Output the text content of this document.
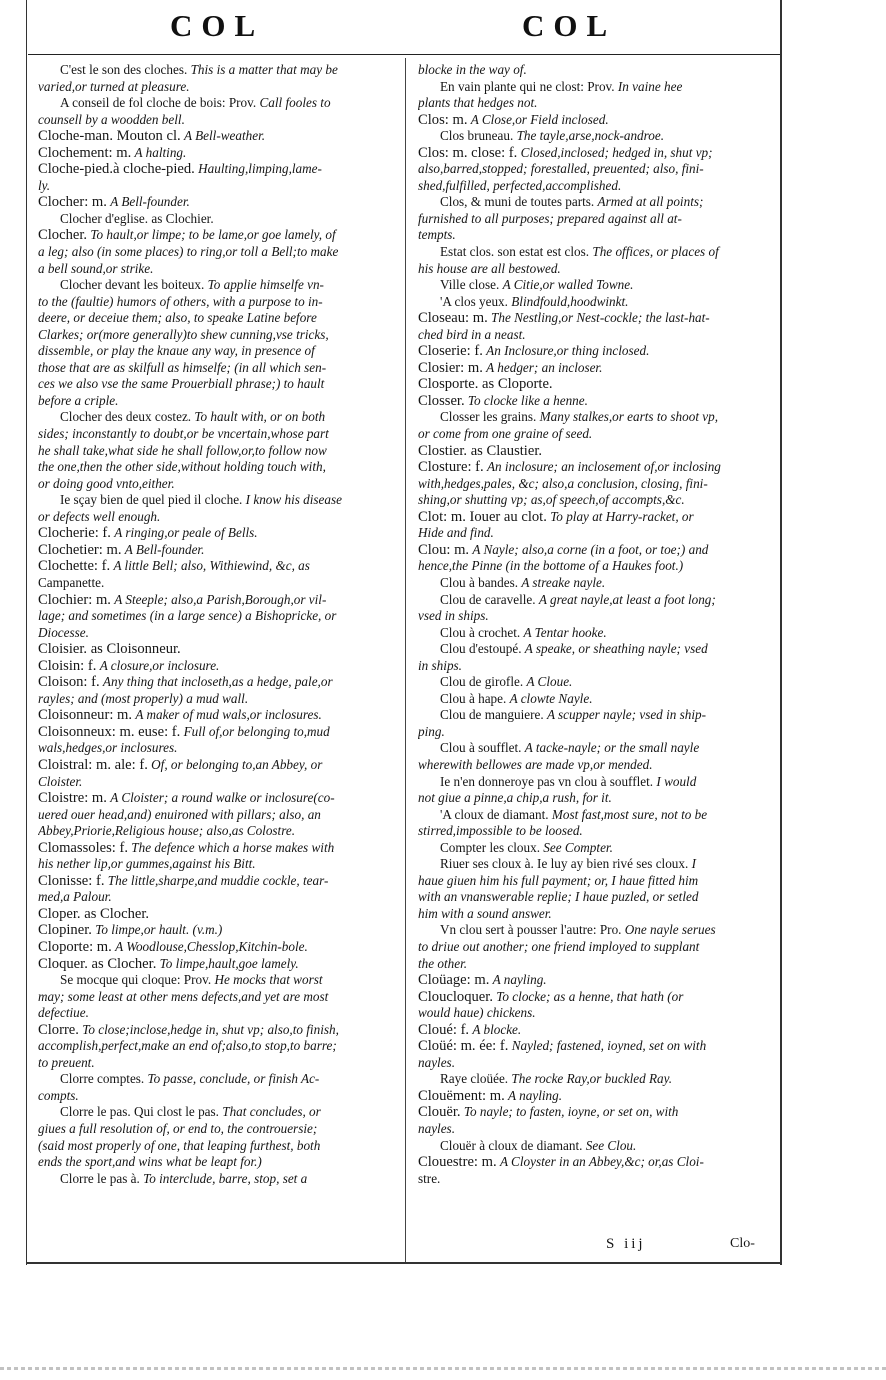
COL	COL
C'est le son des cloches. This is a matter that may be
varied,or turned at pleasure.
A conseil de fol cloche de bois: Prov. Call fooles to
counsell by a woodden bell.
Cloche-man. Mouton cl. A Bell-weather.
Clochement: m. A halting.
Cloche-pied.à cloche-pied. Haulting,limping,lame-
ly.
Clocher: m. A Bell-founder.
Clocher d'eglise. as Clochier.
Clocher. To hault,or limpe; to be lame,or goe lamely, of
a leg; also (in some places) to ring,or toll a Bell;to make
a bell sound,or strike.
Clocher devant les boiteux. To applie himselfe vn-
to the (faultie) humors of others, with a purpose to in-
deere, or deceiue them; also, to speake Latine before
Clarkes; or(more generally)to shew cunning,vse tricks,
dissemble, or play the knaue any way, in presence of
those that are as skilfull as himselfe; (in all which sen-
ces we also vse the same Prouerbiall phrase;) to hault
before a criple.
Clocher des deux costez. To hault with, or on both
sides; inconstantly to doubt,or be vncertain,whose part
he shall take,what side he shall follow,or,to follow now
the one,then the other side,without holding touch with,
or doing good vnto,either.
Ie sçay bien de quel pied il cloche. I know his disease
or defects well enough.
Clocherie: f. A ringing,or peale of Bells.
Clochetier: m. A Bell-founder.
Clochette: f. A little Bell; also, Withiewind, &c, as
Campanette.
Clochier: m. A Steeple; also,a Parish,Borough,or vil-
lage; and sometimes (in a large sence) a Bishopricke, or
Diocesse.
Cloisier. as Cloisonneur.
Cloisin: f. A closure,or inclosure.
Cloison: f. Any thing that incloseth,as a hedge, pale,or
rayles; and (most properly) a mud wall.
Cloisonneur: m. A maker of mud wals,or inclosures.
Cloisonneux: m. euse: f. Full of,or belonging to,mud
wals,hedges,or inclosures.
Cloistral: m. ale: f. Of, or belonging to,an Abbey, or
Cloister.
Cloistre: m. A Cloister; a round walke or inclosure(co-
uered ouer head,and) enuironed with pillars; also, an
Abbey,Priorie,Religious house; also,as Colostre.
Clomassoles: f. The defence which a horse makes with
his nether lip,or gummes,against his Bitt.
Clonisse: f. The little,sharpe,and muddie cockle, tear-
med,a Palour.
Cloper. as Clocher.
Clopiner. To limpe,or hault. (v.m.)
Cloporte: m. A Woodlouse,Chesslop,Kitchin-bole.
Cloquer. as Clocher. To limpe,hault,goe lamely.
Se mocque qui cloque: Prov. He mocks that worst
may; some least at other mens defects,and yet are most
defectiue.
Clorre. To close;inclose,hedge in, shut vp; also,to finish,
accomplish,perfect,make an end of;also,to stop,to barre;
to preuent.
Clorre comptes. To passe, conclude, or finish Ac-
compts.
Clorre le pas. Qui clost le pas. That concludes, or
giues a full resolution of, or end to, the controuersie;
(said most properly of one, that leaping furthest, both
ends the sport,and wins what be leapt for.)
Clorre le pas à. To interclude, barre, stop, set a
blocke in the way of.
En vain plante qui ne clost: Prov. In vaine hee
plants that hedges not.
Clos: m. A Close,or Field inclosed.
Clos bruneau. The tayle,arse,nock-androe.
Clos: m. close: f. Closed,inclosed; hedged in, shut vp;
also,barred,stopped; forestalled, preuented; also, fini-
shed,fulfilled, perfected,accomplished.
Clos, & muni de toutes parts. Armed at all points;
furnished to all purposes; prepared against all at-
tempts.
Estat clos. son estat est clos. The offices, or places of
his house are all bestowed.
Ville close. A Citie,or walled Towne.
'A clos yeux. Blindfould,hoodwinkt.
Closeau: m. The Nestling,or Nest-cockle; the last-hat-
ched bird in a neast.
Closerie: f. An Inclosure,or thing inclosed.
Closier: m. A hedger; an incloser.
Closporte. as Cloporte.
Closser. To clocke like a henne.
Closser les grains. Many stalkes,or earts to shoot vp,
or come from one graine of seed.
Clostier. as Claustier.
Closture: f. An inclosure; an inclosement of,or inclosing
with,hedges,pales, &c; also,a conclusion, closing, fini-
shing,or shutting vp; as,of speech,of accompts,&c.
Clot: m. Iouer au clot. To play at Harry-racket, or
Hide and find.
Clou: m. A Nayle; also,a corne (in a foot, or toe;) and
hence,the Pinne (in the bottome of a Haukes foot.)
Clou à bandes. A streake nayle.
Clou de caravelle. A great nayle,at least a foot long;
vsed in ships.
Clou à crochet. A Tentar hooke.
Clou d'estoupé. A speake, or sheathing nayle; vsed
in ships.
Clou de girofle. A Cloue.
Clou à hape. A clowte Nayle.
Clou de manguiere. A scupper nayle; vsed in ship-
ping.
Clou à soufflet. A tacke-nayle; or the small nayle
wherewith bellowes are made vp,or mended.
Ie n'en donneroye pas vn clou à soufflet. I would
not giue a pinne,a chip,a rush, for it.
'A cloux de diamant. Most fast,most sure, not to be
stirred,impossible to be loosed.
Compter les cloux. See Compter.
Riuer ses cloux à. Ie luy ay bien rivé ses cloux. I
haue giuen him his full payment; or, I haue fitted him
with an vnanswerable replie; I haue puzled, or setled
him with a sound answer.
Vn clou sert à pousser l'autre: Pro. One nayle serues
to driue out another; one friend imployed to supplant
the other.
Cloüage: m. A nayling.
Cloucloquer. To clocke; as a henne, that hath (or
would haue) chickens.
Cloué: f. A blocke.
Cloüé: m. ée: f. Nayled; fastened, ioyned, set on with
nayles.
Raye cloüée. The rocke Ray,or buckled Ray.
Clouëment: m. A nayling.
Clouër. To nayle; to fasten, ioyne, or set on, with
nayles.
Clouër à cloux de diamant. See Clou.
Clouestre: m. A Cloyster in an Abbey,&c; or,as Cloi-
stre.
S iij	Clo-
